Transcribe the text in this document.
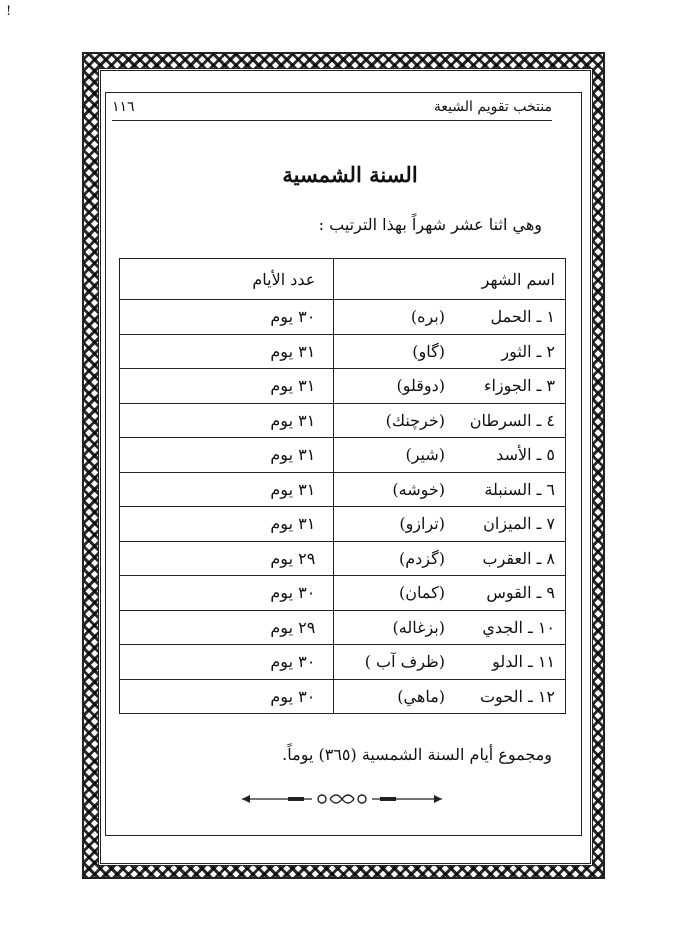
!
١١٦	منتخب تقويم الشيعة
السنة الشمسية
وهي اثنا عشر شهراً بهذا الترتيب :
اسم الشهر	عدد الأيام
١ ـ الحمل(بره)	٣٠ يوم
٢ ـ الثور(گاو)	٣١ يوم
٣ ـ الجوزاء(دوقلو)	٣١ يوم
٤ ـ السرطان(خرچنك)	٣١ يوم
٥ ـ الأسد(شير)	٣١ يوم
٦ ـ السنبلة(خوشه)	٣١ يوم
٧ ـ الميزان(ترازو)	٣١ يوم
٨ ـ العقرب(گزدم)	٢٩ يوم
٩ ـ القوس(كمان)	٣٠ يوم
١٠ ـ الجدي(بزغاله)	٢٩ يوم
١١ ـ الدلو(ظرف آب )	٣٠ يوم
١٢ ـ الحوت(ماهي)	٣٠ يوم
ومجموع أيام السنة الشمسية (٣٦٥) يوماً.
